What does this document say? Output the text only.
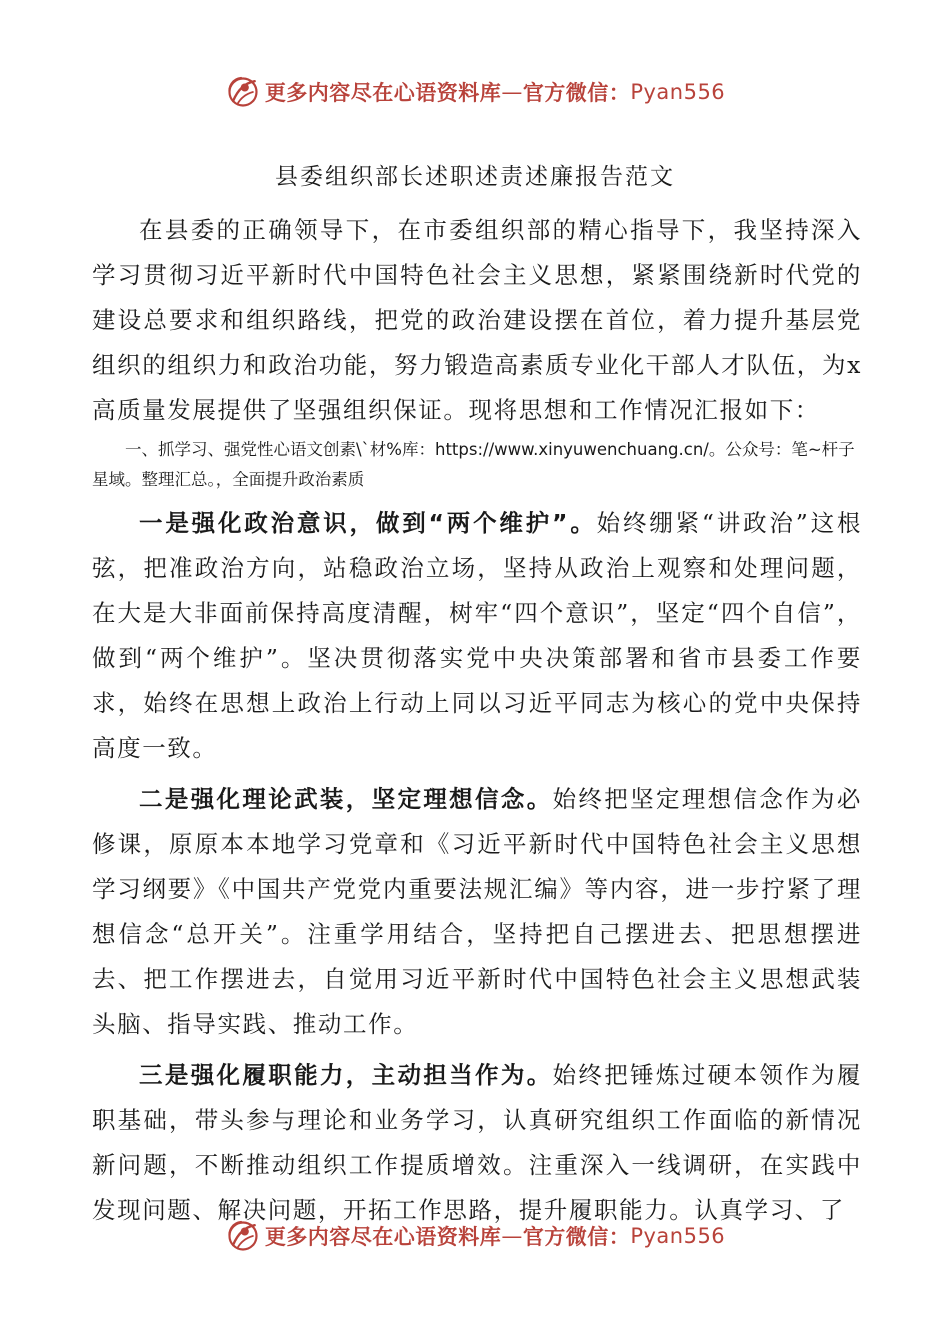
更多内容尽在心语资料库 — 官方微信： Pyan556
县委组织部长述职述责述廉报告范文

在县委的正确领导下，在市委组织部的精心指导下，我坚持深入学习贯彻习近平新时代中国特色社会主义思想，紧紧围绕新时代党的建设总要求和组织路线，把党的政治建设摆在首位，着力提升基层党组织的组织力和政治功能，努力锻造高素质专业化干部人才队伍，为x高质量发展提供了坚强组织保证。现将思想和工作情况汇报如下：

一、抓学习、强党性心语文创素\`材%库：https://www.xinyuwenchuang.cn/。公众号：笔~杆子星域。整理汇总。，全面提升政治素质

一是强化政治意识，做到“两个维护”。始终绷紧“讲政治”这根弦，把准政治方向，站稳政治立场，坚持从政治上观察和处理问题，在大是大非面前保持高度清醒，树牢“四个意识”，坚定“四个自信”，做到“两个维护”。坚决贯彻落实党中央决策部署和省市县委工作要求，始终在思想上政治上行动上同以习近平同志为核心的党中央保持高度一致。

二是强化理论武装，坚定理想信念。始终把坚定理想信念作为必修课，原原本本地学习党章和《习近平新时代中国特色社会主义思想学习纲要》《中国共产党党内重要法规汇编》等内容，进一步拧紧了理想信念“总开关”。注重学用结合，坚持把自己摆进去、把思想摆进去、把工作摆进去，自觉用习近平新时代中国特色社会主义思想武装头脑、指导实践、推动工作。

三是强化履职能力，主动担当作为。始终把锤炼过硬本领作为履职基础，带头参与理论和业务学习，认真研究组织工作面临的新情况新问题，不断推动组织工作提质增效。注重深入一线调研，在实践中发现问题、解决问题，开拓工作思路，提升履职能力。认真学习、了

更多内容尽在心语资料库 — 官方微信： Pyan556
